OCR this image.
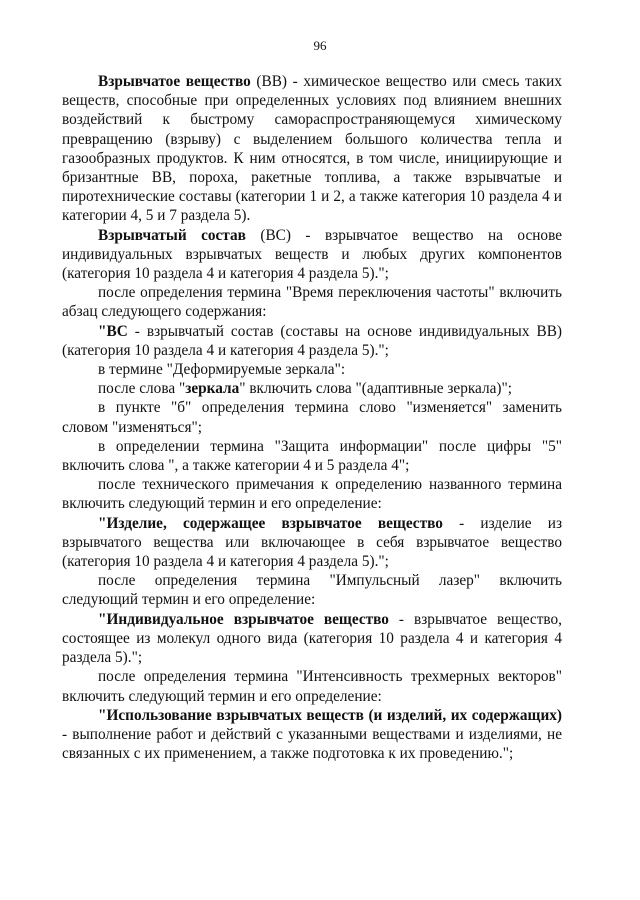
96

Взрывчатое вещество (ВВ) - химическое вещество или смесь таких веществ, способные при определенных условиях под влиянием внешних воздействий к быстрому самораспространяющемуся химическому превращению (взрыву) с выделением большого количества тепла и газообразных продуктов. К ним относятся, в том числе, инициирующие и бризантные ВВ, пороха, ракетные топлива, а также взрывчатые и пиротехнические составы (категории 1 и 2, а также категория 10 раздела 4 и категории 4, 5 и 7 раздела 5).

Взрывчатый состав (ВС) - взрывчатое вещество на основе индивидуальных взрывчатых веществ и любых других компонентов (категория 10 раздела 4 и категория 4 раздела 5).";

после определения термина "Время переключения частоты" включить абзац следующего содержания:

"ВС - взрывчатый состав (составы на основе индивидуальных ВВ) (категория 10 раздела 4 и категория 4 раздела 5).";

в термине "Деформируемые зеркала":

после слова "зеркала" включить слова "(адаптивные зеркала)";

в пункте "б" определения термина слово "изменяется" заменить словом "изменяться";

в определении термина "Защита информации" после цифры "5" включить слова ", а также категории 4 и 5 раздела 4";

после технического примечания к определению названного термина включить следующий термин и его определение:

"Изделие, содержащее взрывчатое вещество - изделие из взрывчатого вещества или включающее в себя взрывчатое вещество (категория 10 раздела 4 и категория 4 раздела 5).";

после определения термина "Импульсный лазер" включить следующий термин и его определение:

"Индивидуальное взрывчатое вещество - взрывчатое вещество, состоящее из молекул одного вида (категория 10 раздела 4 и категория 4 раздела 5).";

после определения термина "Интенсивность трехмерных векторов" включить следующий термин и его определение:

"Использование взрывчатых веществ (и изделий, их содержащих) - выполнение работ и действий с указанными веществами и изделиями, не связанных с их применением, а также подготовка к их проведению.";
